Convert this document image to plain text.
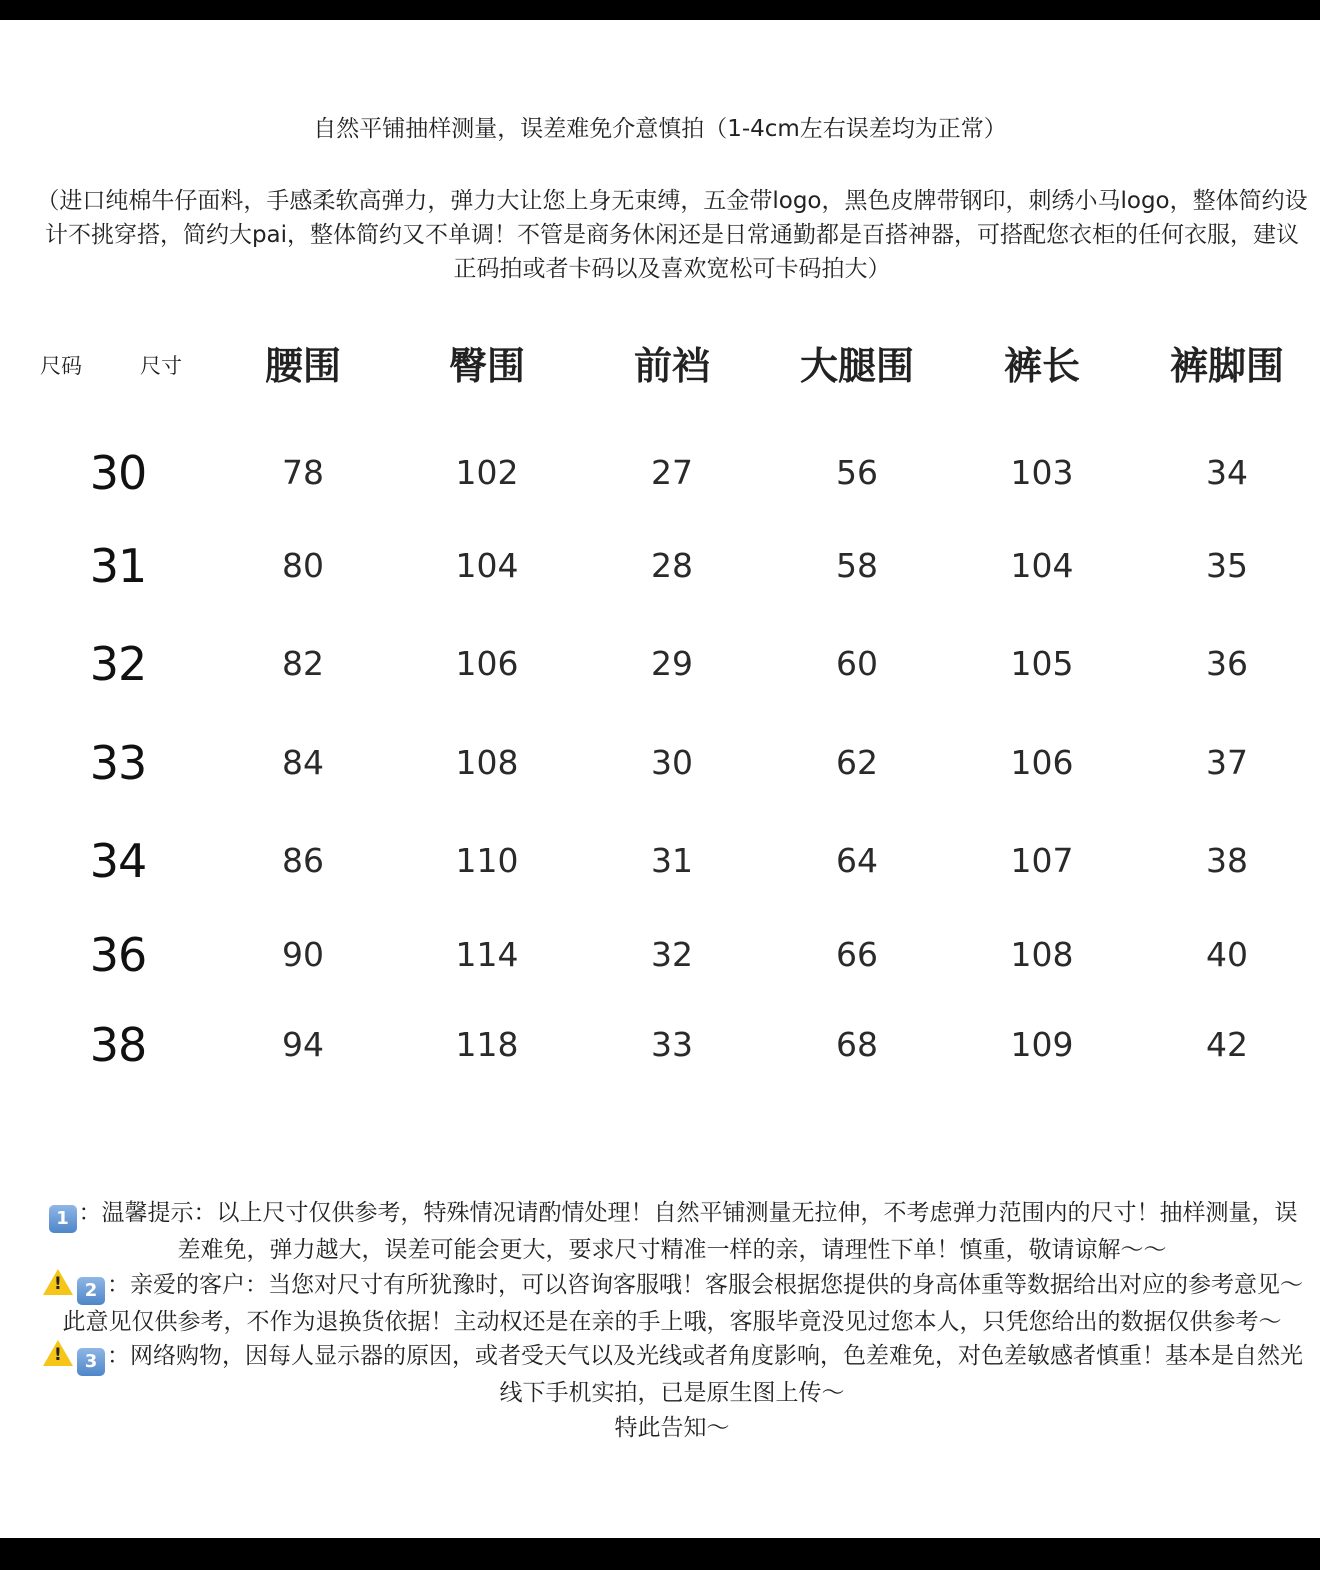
自然平铺抽样测量，误差难免介意慎拍（1-4cm左右误差均为正常）
（进口纯棉牛仔面料，手感柔软高弹力，弹力大让您上身无束缚，五金带logo，黑色皮牌带钢印，刺绣小马logo，整体简约设计不挑穿搭，简约大pai，整体简约又不单调！不管是商务休闲还是日常通勤都是百搭神器，可搭配您衣柜的任何衣服，建议正码拍或者卡码以及喜欢宽松可卡码拍大）
尺码	尺寸	腰围	臀围	前裆	大腿围	裤长	裤脚围
30	78	102	27	56	103	34
31	80	104	28	58	104	35
32	82	106	29	60	105	36
33	84	108	30	62	106	37
34	86	110	31	64	107	38
36	90	114	32	66	108	40
38	94	118	33	68	109	42
1 ：温馨提示：以上尺寸仅供参考，特殊情况请酌情处理！自然平铺测量无拉伸，不考虑弹力范围内的尺寸！抽样测量，误差难免，弹力越大，误差可能会更大，要求尺寸精准一样的亲，请理性下单！慎重，敬请谅解～～
!2 ：亲爱的客户：当您对尺寸有所犹豫时，可以咨询客服哦！客服会根据您提供的身高体重等数据给出对应的参考意见～此意见仅供参考，不作为退换货依据！主动权还是在亲的手上哦，客服毕竟没见过您本人，只凭您给出的数据仅供参考～
!3 ：网络购物，因每人显示器的原因，或者受天气以及光线或者角度影响，色差难免，对色差敏感者慎重！基本是自然光线下手机实拍，已是原生图上传～
特此告知～
